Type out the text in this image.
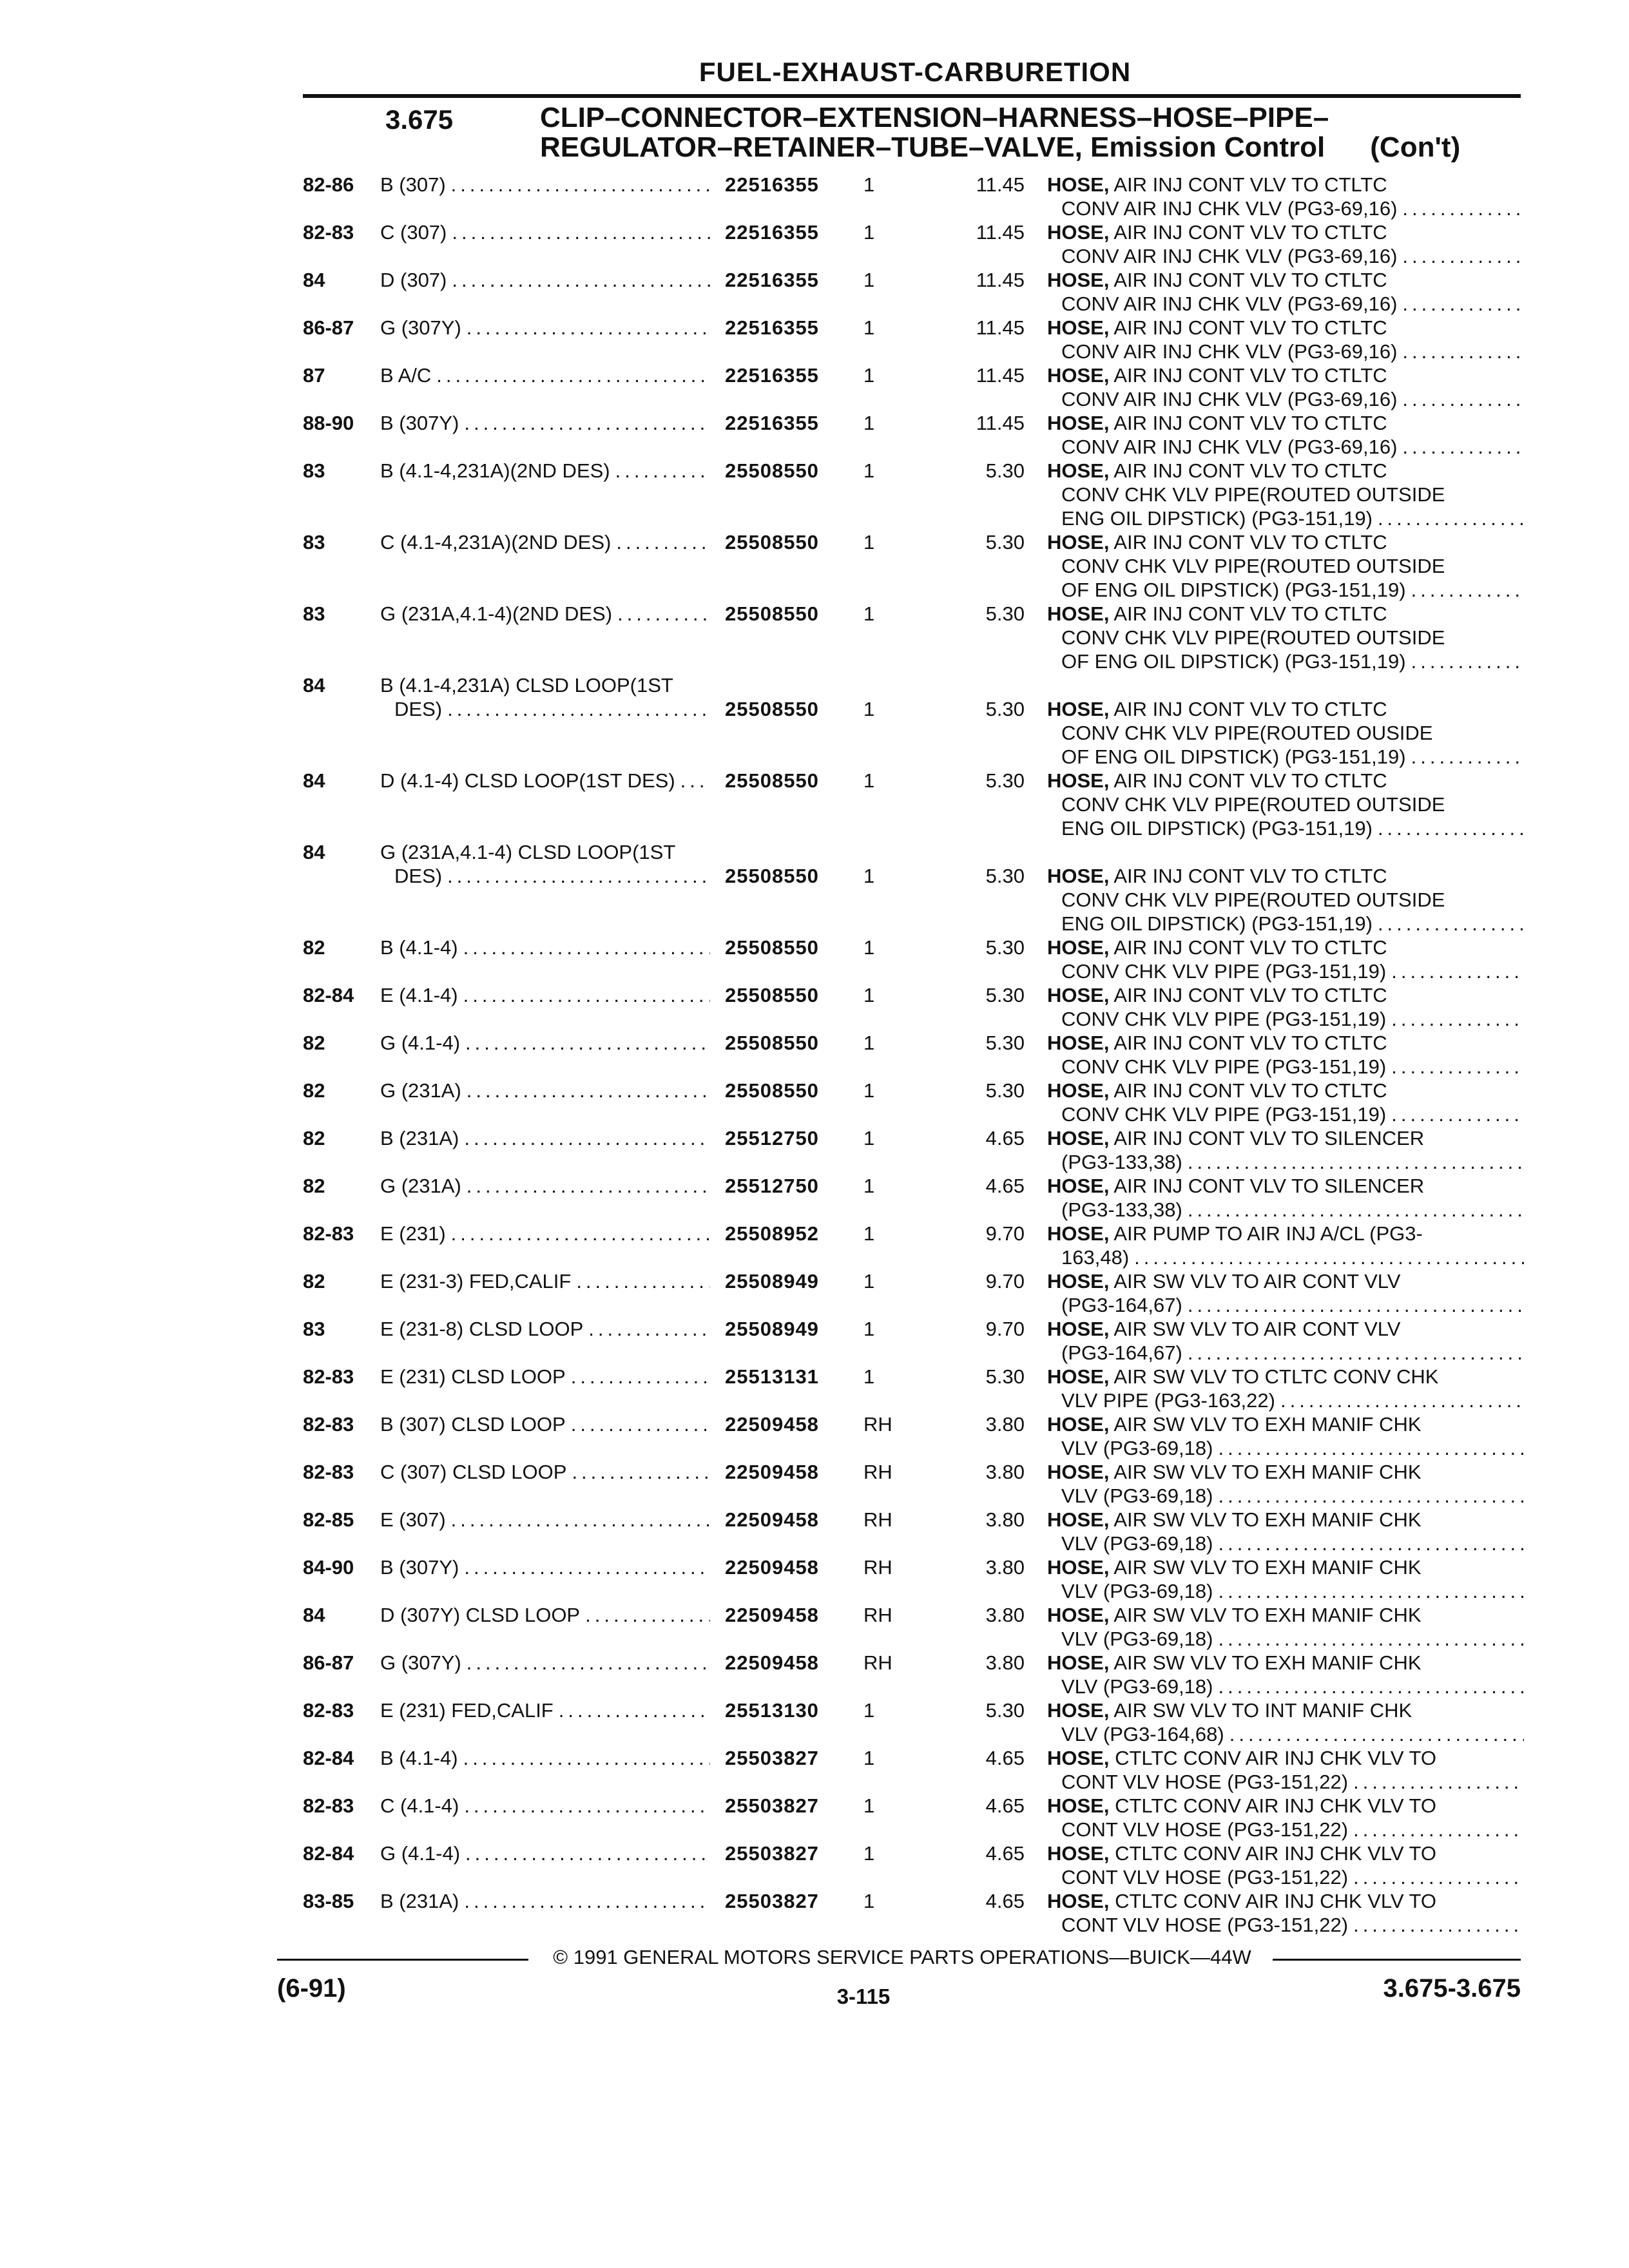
FUEL-EXHAUST-CARBURETION
3.675	CLIP–CONNECTOR–EXTENSION–HARNESS–HOSE–PIPE–
REGULATOR–RETAINER–TUBE–VALVE, Emission Control (Con't)
82-86	B (307) .....	22516355	1	11.45 HOSE, AIR INJ CONT VLV TO CTLTC
CONV AIR INJ CHK VLV (PG3-69,16)
.....
82-83	C (307) .....	22516355	1	11.45 HOSE, AIR INJ CONT VLV TO CTLTC
CONV AIR INJ CHK VLV (PG3-69,16)
.....
84	D (307) .....	22516355	1	11.45 HOSE, AIR INJ CONT VLV TO CTLTC
CONV AIR INJ CHK VLV (PG3-69,16)
.....
86-87	G (307Y) .....	22516355	1	11.45 HOSE, AIR INJ CONT VLV TO CTLTC
CONV AIR INJ CHK VLV (PG3-69,16)
.....
87	B A/C .....	22516355	1	11.45 HOSE, AIR INJ CONT VLV TO CTLTC
CONV AIR INJ CHK VLV (PG3-69,16)
.....
88-90	B (307Y) .....	22516355	1	11.45 HOSE, AIR INJ CONT VLV TO CTLTC
CONV AIR INJ CHK VLV (PG3-69,16)
.....
83	B (4.1-4,231A)(2ND DES) .....	25508550	1	5.30 HOSE, AIR INJ CONT VLV TO CTLTC
CONV CHK VLV PIPE(ROUTED OUTSIDE
ENG OIL DIPSTICK) (PG3-151,19)
.....
83	C (4.1-4,231A)(2ND DES) .....	25508550	1	5.30 HOSE, AIR INJ CONT VLV TO CTLTC
CONV CHK VLV PIPE(ROUTED OUTSIDE
OF ENG OIL DIPSTICK) (PG3-151,19)
.....
83	G (231A,4.1-4)(2ND DES) .....	25508550	1	5.30 HOSE, AIR INJ CONT VLV TO CTLTC
CONV CHK VLV PIPE(ROUTED OUTSIDE
OF ENG OIL DIPSTICK) (PG3-151,19)
.....
84	B (4.1-4,231A) CLSD LOOP(1ST
DES) .....	25508550	1	5.30 HOSE, AIR INJ CONT VLV TO CTLTC
CONV CHK VLV PIPE(ROUTED OUSIDE
OF ENG OIL DIPSTICK) (PG3-151,19)
.....
84	D (4.1-4) CLSD LOOP(1ST DES) ..... 25508550	1	5.30 HOSE, AIR INJ CONT VLV TO CTLTC
CONV CHK VLV PIPE(ROUTED OUTSIDE
ENG OIL DIPSTICK) (PG3-151,19)
.....
84	G (231A,4.1-4) CLSD LOOP(1ST
DES) .....	25508550	1	5.30 HOSE, AIR INJ CONT VLV TO CTLTC
CONV CHK VLV PIPE(ROUTED OUTSIDE
ENG OIL DIPSTICK) (PG3-151,19)
.....
82	B (4.1-4) .....	25508550	1	5.30 HOSE, AIR INJ CONT VLV TO CTLTC
CONV CHK VLV PIPE (PG3-151,19)
.....
82-84	E (4.1-4) .....	25508550	1	5.30 HOSE, AIR INJ CONT VLV TO CTLTC
CONV CHK VLV PIPE (PG3-151,19)
.....
82	G (4.1-4) .....	25508550	1	5.30 HOSE, AIR INJ CONT VLV TO CTLTC
CONV CHK VLV PIPE (PG3-151,19)
.....
82	G (231A) .....	25508550	1	5.30 HOSE, AIR INJ CONT VLV TO CTLTC
CONV CHK VLV PIPE (PG3-151,19)
.....
82	B (231A) .....	25512750	1	4.65 HOSE, AIR INJ CONT VLV TO SILENCER
(PG3-133,38)
.....
82	G (231A) .....	25512750	1	4.65 HOSE, AIR INJ CONT VLV TO SILENCER
(PG3-133,38)
.....
82-83	E (231) .....	25508952	1	9.70 HOSE, AIR PUMP TO AIR INJ A/CL (PG3-
163,48)
.....
82	E (231-3) FED,CALIF .....	25508949	1	9.70 HOSE, AIR SW VLV TO AIR CONT VLV
(PG3-164,67)
.....
83	E (231-8) CLSD LOOP .....	25508949	1	9.70 HOSE, AIR SW VLV TO AIR CONT VLV
(PG3-164,67)
.....
82-83	E (231) CLSD LOOP .....	25513131	1	5.30 HOSE, AIR SW VLV TO CTLTC CONV CHK
VLV PIPE (PG3-163,22)
.....
82-83	B (307) CLSD LOOP .....	22509458	RH	3.80 HOSE, AIR SW VLV TO EXH MANIF CHK
VLV (PG3-69,18)
.....
82-83	C (307) CLSD LOOP .....	22509458	RH	3.80 HOSE, AIR SW VLV TO EXH MANIF CHK
VLV (PG3-69,18)
.....
82-85	E (307) .....	22509458	RH	3.80 HOSE, AIR SW VLV TO EXH MANIF CHK
VLV (PG3-69,18)
.....
84-90	B (307Y) .....	22509458	RH	3.80 HOSE, AIR SW VLV TO EXH MANIF CHK
VLV (PG3-69,18)
.....
84	D (307Y) CLSD LOOP .....	22509458	RH	3.80 HOSE, AIR SW VLV TO EXH MANIF CHK
VLV (PG3-69,18)
.....
86-87	G (307Y) .....	22509458	RH	3.80 HOSE, AIR SW VLV TO EXH MANIF CHK
VLV (PG3-69,18)
.....
82-83	E (231) FED,CALIF .....	25513130	1	5.30 HOSE, AIR SW VLV TO INT MANIF CHK
VLV (PG3-164,68)
.....
82-84	B (4.1-4) .....	25503827	1	4.65 HOSE, CTLTC CONV AIR INJ CHK VLV TO
CONT VLV HOSE (PG3-151,22)
.....
82-83	C (4.1-4) .....	25503827	1	4.65 HOSE, CTLTC CONV AIR INJ CHK VLV TO
CONT VLV HOSE (PG3-151,22)
.....
82-84	G (4.1-4) .....	25503827	1	4.65 HOSE, CTLTC CONV AIR INJ CHK VLV TO
CONT VLV HOSE (PG3-151,22)
.....
83-85	B (231A) .....	25503827	1	4.65 HOSE, CTLTC CONV AIR INJ CHK VLV TO
CONT VLV HOSE (PG3-151,22)
.....
© 1991 GENERAL MOTORS SERVICE PARTS OPERATIONS—BUICK—44W
(6-91)	3-115	3.675-3.675
